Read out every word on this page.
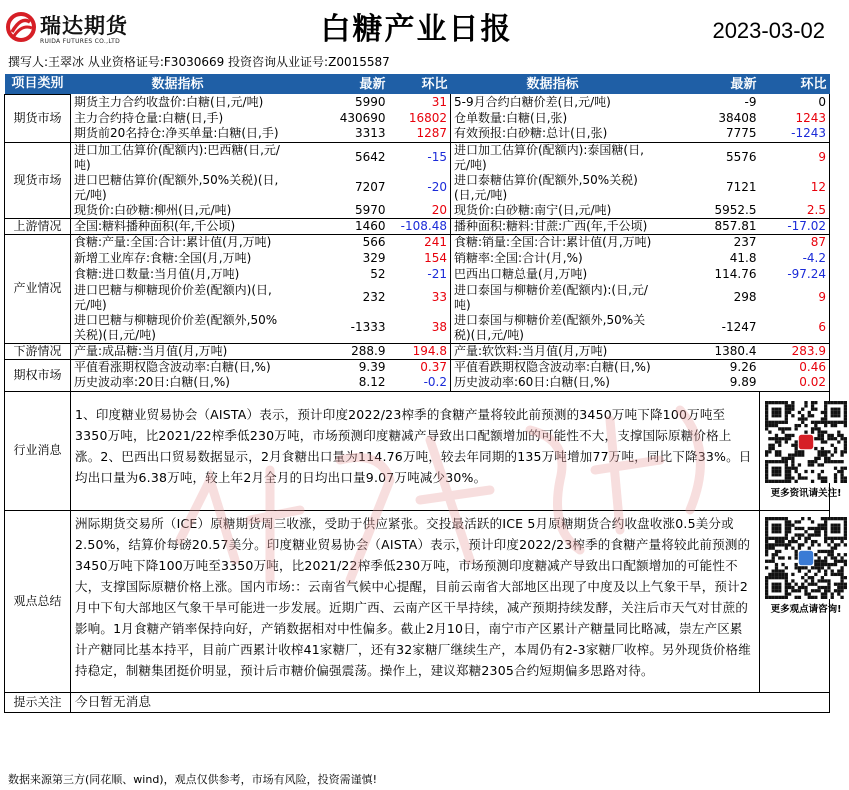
瑞达期货
RUIDA FUTURES CO.,LTD	白糖产业日报	2023-03-02
撰写人:王翠冰 从业资格证号:F3030669 投资咨询从业证号:Z0015587
项目类别	数据指标	最新	环比	数据指标	最新	环比
期货市场	期货主力合约收盘价:白糖(日,元/吨)	5990	31	5-9月合约白糖价差(日,元/吨)	-9	0
	主力合约持仓量:白糖(日,手)	430690	16802	仓单数量:白糖(日,张)	38408	1243
	期货前20名持仓:净买单量:白糖(日,手)	3313	1287	有效预报:白砂糖:总计(日,张)	7775	-1243
现货市场	进口加工估算价(配额内):巴西糖(日,元/吨)	5642	-15	进口加工估算价(配额内):泰国糖(日,元/吨)	5576	9
	进口巴糖估算价(配额外,50%关税)(日,元/吨)	7207	-20	进口泰糖估算价(配额外,50%关税)(日,元/吨)	7121	12
	现货价:白砂糖:柳州(日,元/吨)	5970	20	现货价:白砂糖:南宁(日,元/吨)	5952.5	2.5
上游情况	全国:糖料播种面积(年,千公顷)	1460	-108.48	播种面积:糖料:甘蔗:广西(年,千公顷)	857.81	-17.02
产业情况	食糖:产量:全国:合计:累计值(月,万吨)	566	241	食糖:销量:全国:合计:累计值(月,万吨)	237	87
	新增工业库存:食糖:全国(月,万吨)	329	154	销糖率:全国:合计(月,%)	41.8	-4.2
	食糖:进口数量:当月值(月,万吨)	52	-21	巴西出口糖总量(月,万吨)	114.76	-97.24
	进口巴糖与柳糖现价价差(配额内)(日,元/吨)	232	33	进口泰国与柳糖价差(配额内):(日,元/吨)	298	9
	进口巴糖与柳糖现价价差(配额外,50%关税)(日,元/吨)	-1333	38	进口泰国与柳糖价差(配额外,50%关税)(日,元/吨)	-1247	6
下游情况	产量:成品糖:当月值(月,万吨)	288.9	194.8	产量:软饮料:当月值(月,万吨)	1380.4	283.9
期权市场	平值看涨期权隐含波动率:白糖(日,%)	9.39	0.37	平值看跌期权隐含波动率:白糖(日,%)	9.26	0.46
	历史波动率:20日:白糖(日,%)	8.12	-0.2	历史波动率:60日:白糖(日,%)	9.89	0.02
行业消息	1、印度糖业贸易协会（AISTA）表示，预计印度2022/23榨季的食糖产量将较此前预测的3450万吨下降100万吨至3350万吨，比2021/22榨季低230万吨，市场预测印度糖减产导致出口配额增加的可能性不大，支撑国际原糖价格上涨。2、巴西出口贸易数据显示，2月食糖出口量为114.76万吨，较去年同期的135万吨增加77万吨，同比下降33%。日均出口量为6.38万吨，较上年2月全月的日均出口量9.07万吨减少30%。					更多资讯请关注!

观点总结	洲际期货交易所（ICE）原糖期货周三收涨，受助于供应紧张。交投最活跃的ICE 5月原糖期货合约收盘收涨0.5美分或2.50%，结算价每磅20.57美分。印度糖业贸易协会（AISTA）表示，预计印度2022/23榨季的食糖产量将较此前预测的3450万吨下降100万吨至3350万吨，比2021/22榨季低230万吨，市场预测印度糖减产导致出口配额增加的可能性不大，支撑国际原糖价格上涨。国内市场:：云南省气候中心提醒，目前云南省大部地区出现了中度及以上气象干旱，预计2月中下旬大部地区气象干旱可能进一步发展。近期广西、云南产区干旱持续，减产预期持续发酵，关注后市天气对甘蔗的影响。1月食糖产销率保持向好，产销数据相对中性偏多。截止2月10日，南宁市产区累计产糖量同比略减，崇左产区累计产糖同比基本持平，目前广西累计收榨41家糖厂，还有32家糖厂继续生产，本周仍有2-3家糖厂收榨。另外现货价格维持稳定，制糖集团挺价明显，预计后市糖价偏强震荡。操作上，建议郑糖2305合约短期偏多思路对待。					更多观点请咨询!

提示关注	今日暂无消息					
数据来源第三方(同花顺、wind)，观点仅供参考，市场有风险，投资需谨慎!
